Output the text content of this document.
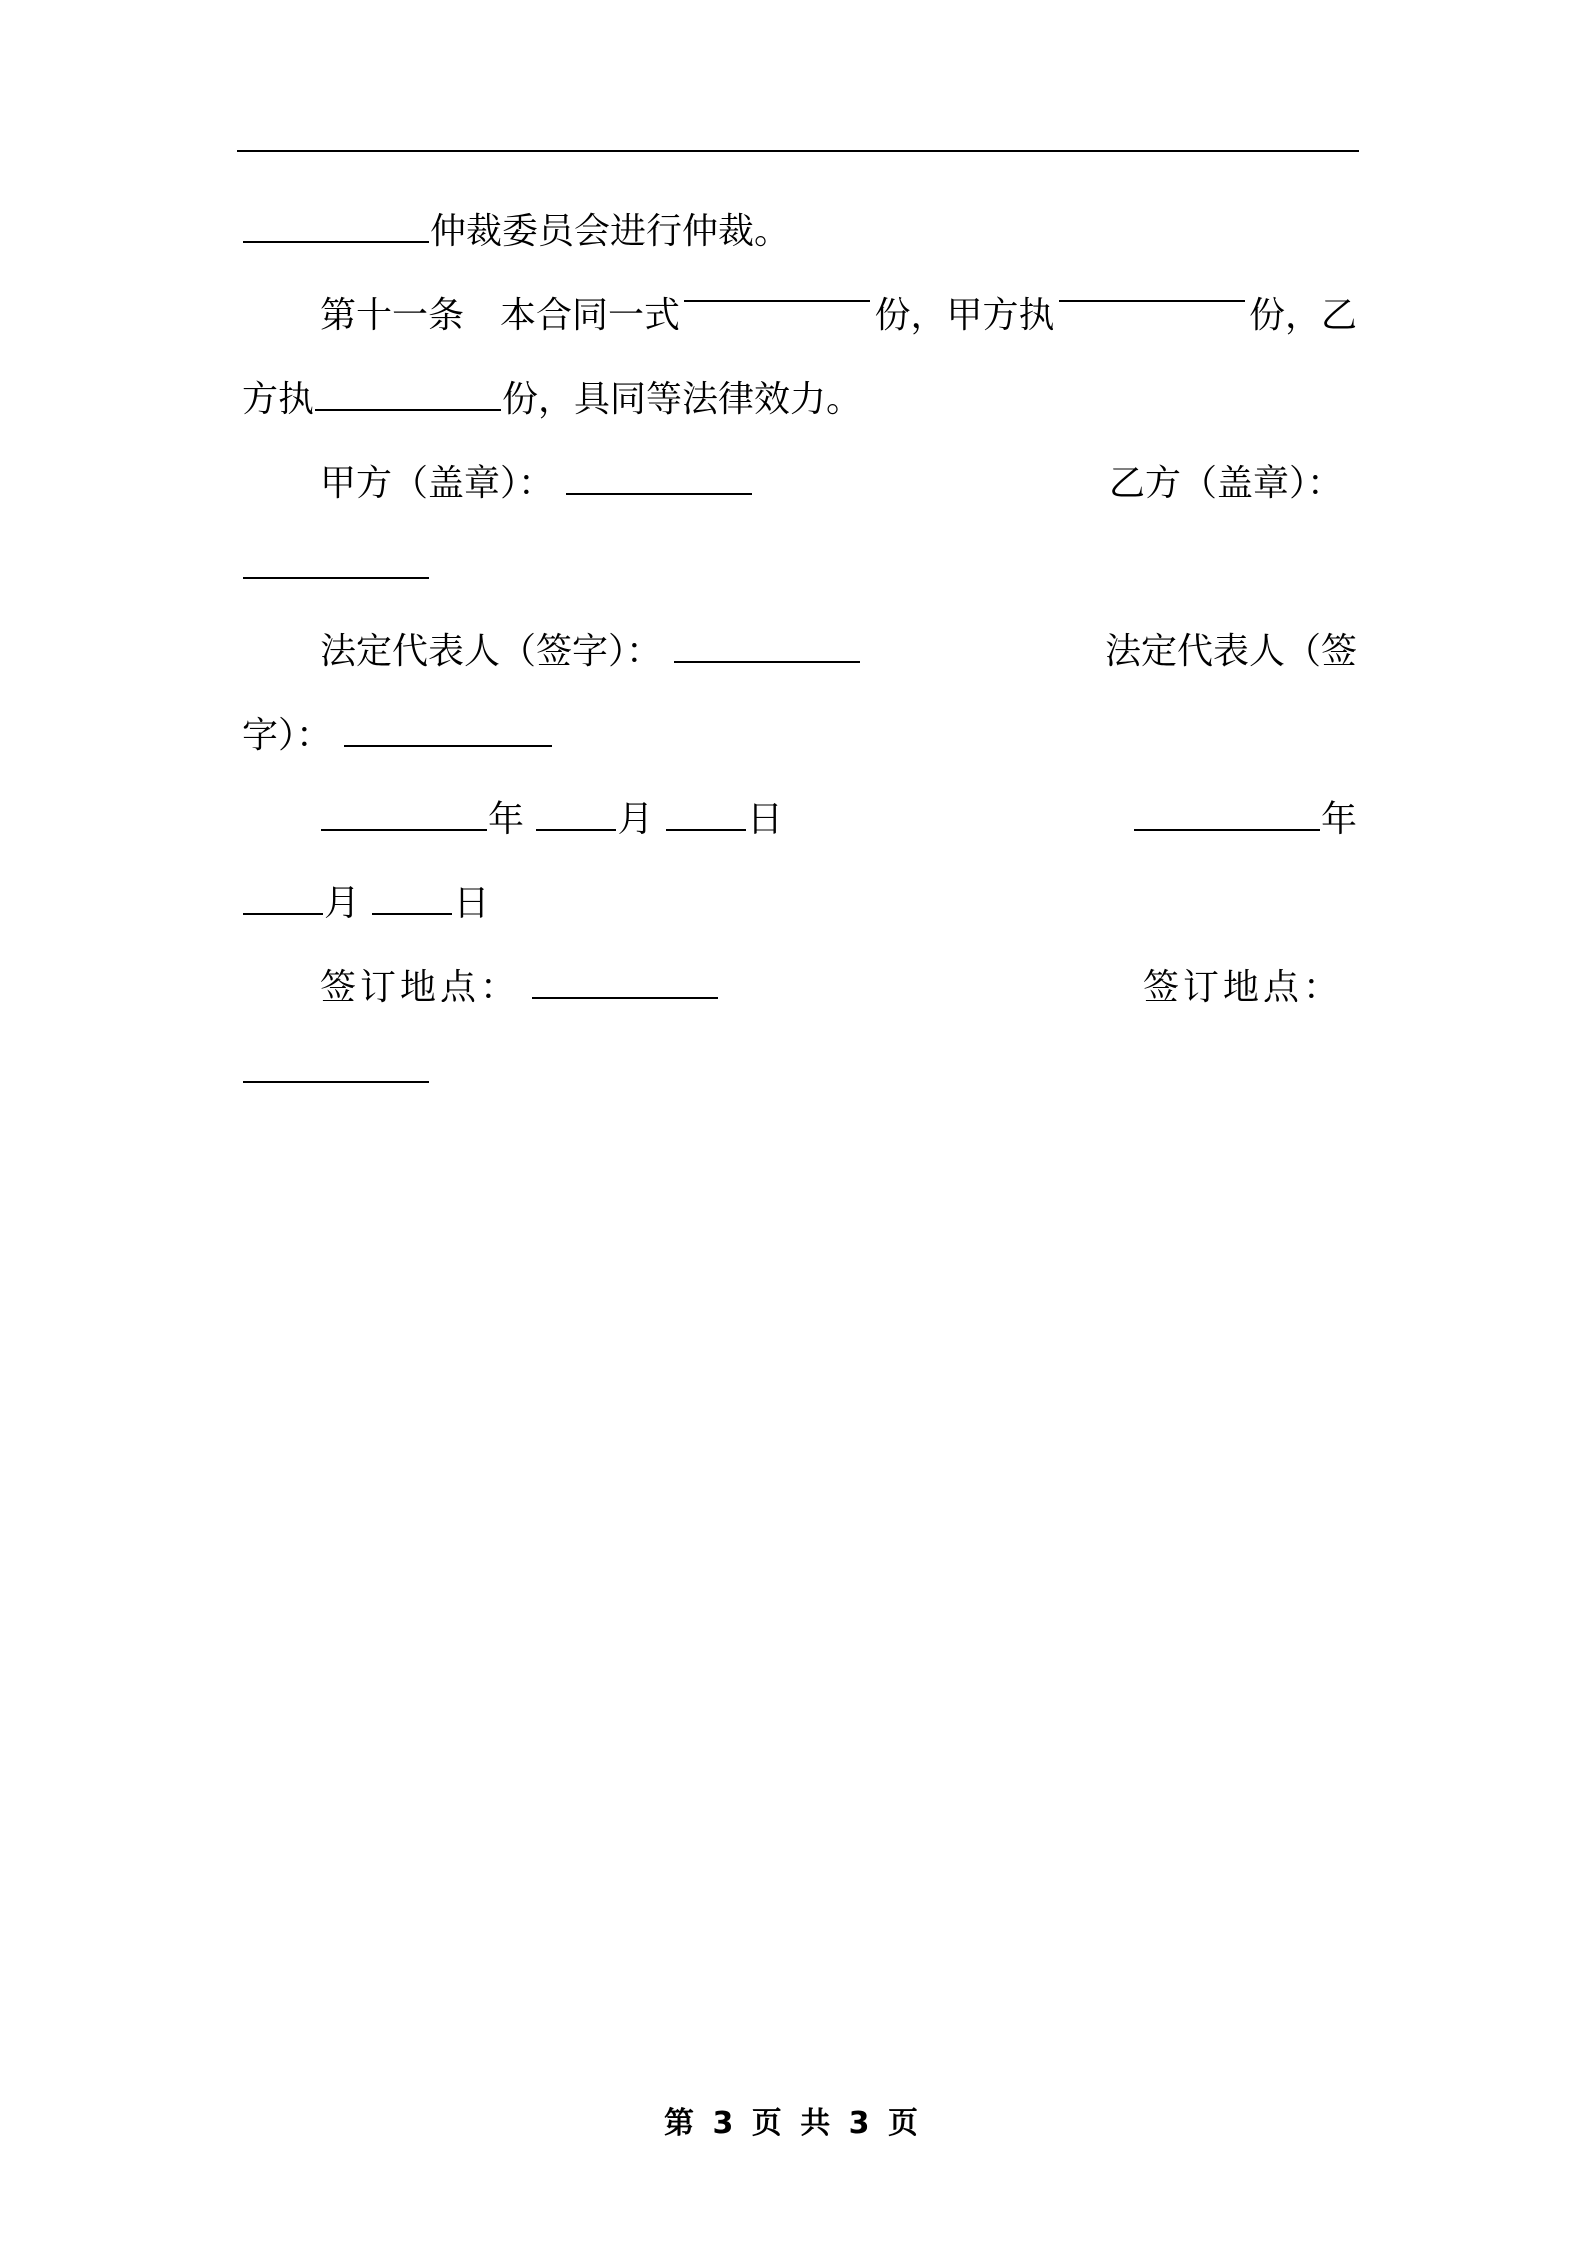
仲裁委员会进行仲裁。
第十一条　本合同一式	份，甲方执	份，乙
方执	份，具同等法律效力。
甲方（盖章）：	乙方（盖章）：
法定代表人（签字）：	法定代表人（签
字）：
年	月	日	年
月	日
签订地点：	签订地点：
第 3 页 共 3 页
